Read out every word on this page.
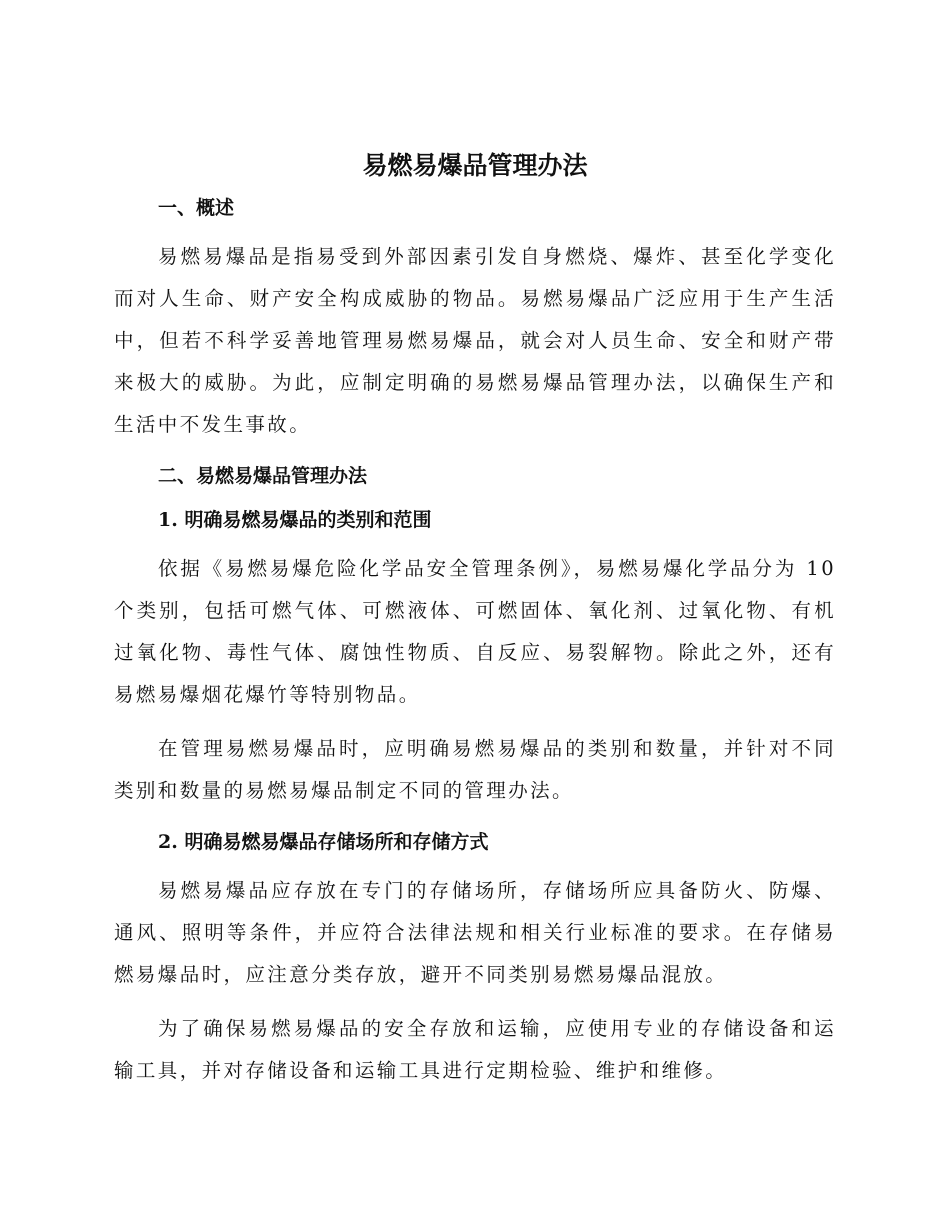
易燃易爆品管理办法
一、概述

易燃易爆品是指易受到外部因素引发自身燃烧、爆炸、甚至化学变化而对人生命、财产安全构成威胁的物品。易燃易爆品广泛应用于生产生活中，但若不科学妥善地管理易燃易爆品，就会对人员生命、安全和财产带来极大的威胁。为此，应制定明确的易燃易爆品管理办法，以确保生产和生活中不发生事故。

二、易燃易爆品管理办法
1. 明确易燃易爆品的类别和范围

依据《易燃易爆危险化学品安全管理条例》，易燃易爆化学品分为 10 个类别，包括可燃气体、可燃液体、可燃固体、氧化剂、过氧化物、有机过氧化物、毒性气体、腐蚀性物质、自反应、易裂解物。除此之外，还有易燃易爆烟花爆竹等特别物品。

在管理易燃易爆品时，应明确易燃易爆品的类别和数量，并针对不同类别和数量的易燃易爆品制定不同的管理办法。

2. 明确易燃易爆品存储场所和存储方式

易燃易爆品应存放在专门的存储场所，存储场所应具备防火、防爆、通风、照明等条件，并应符合法律法规和相关行业标准的要求。在存储易燃易爆品时，应注意分类存放，避开不同类别易燃易爆品混放。

为了确保易燃易爆品的安全存放和运输，应使用专业的存储设备和运输工具，并对存储设备和运输工具进行定期检验、维护和维修。
